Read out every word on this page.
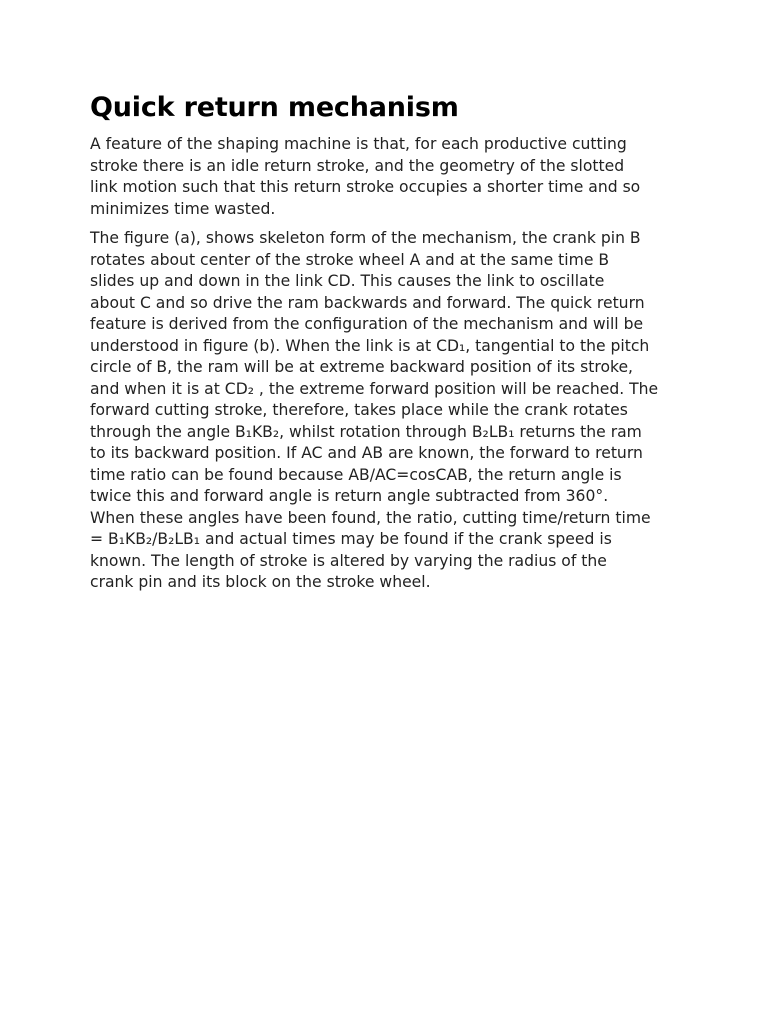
Quick return mechanism

A feature of the shaping machine is that, for each productive cutting
stroke there is an idle return stroke, and the geometry of the slotted
link motion such that this return stroke occupies a shorter time and so
minimizes time wasted.

The figure (a), shows skeleton form of the mechanism, the crank pin B
rotates about center of the stroke wheel A and at the same time B
slides up and down in the link CD. This causes the link to oscillate
about C and so drive the ram backwards and forward. The quick return
feature is derived from the configuration of the mechanism and will be
understood in figure (b). When the link is at CD₁, tangential to the pitch
circle of B, the ram will be at extreme backward position of its stroke,
and when it is at CD₂ , the extreme forward position will be reached. The
forward cutting stroke, therefore, takes place while the crank rotates
through the angle B₁KB₂, whilst rotation through B₂LB₁ returns the ram
to its backward position. If AC and AB are known, the forward to return
time ratio can be found because AB/AC=cosCAB, the return angle is
twice this and forward angle is return angle subtracted from 360°.
When these angles have been found, the ratio, cutting time/return time
= B₁KB₂/B₂LB₁ and actual times may be found if the crank speed is
known. The length of stroke is altered by varying the radius of the
crank pin and its block on the stroke wheel.
